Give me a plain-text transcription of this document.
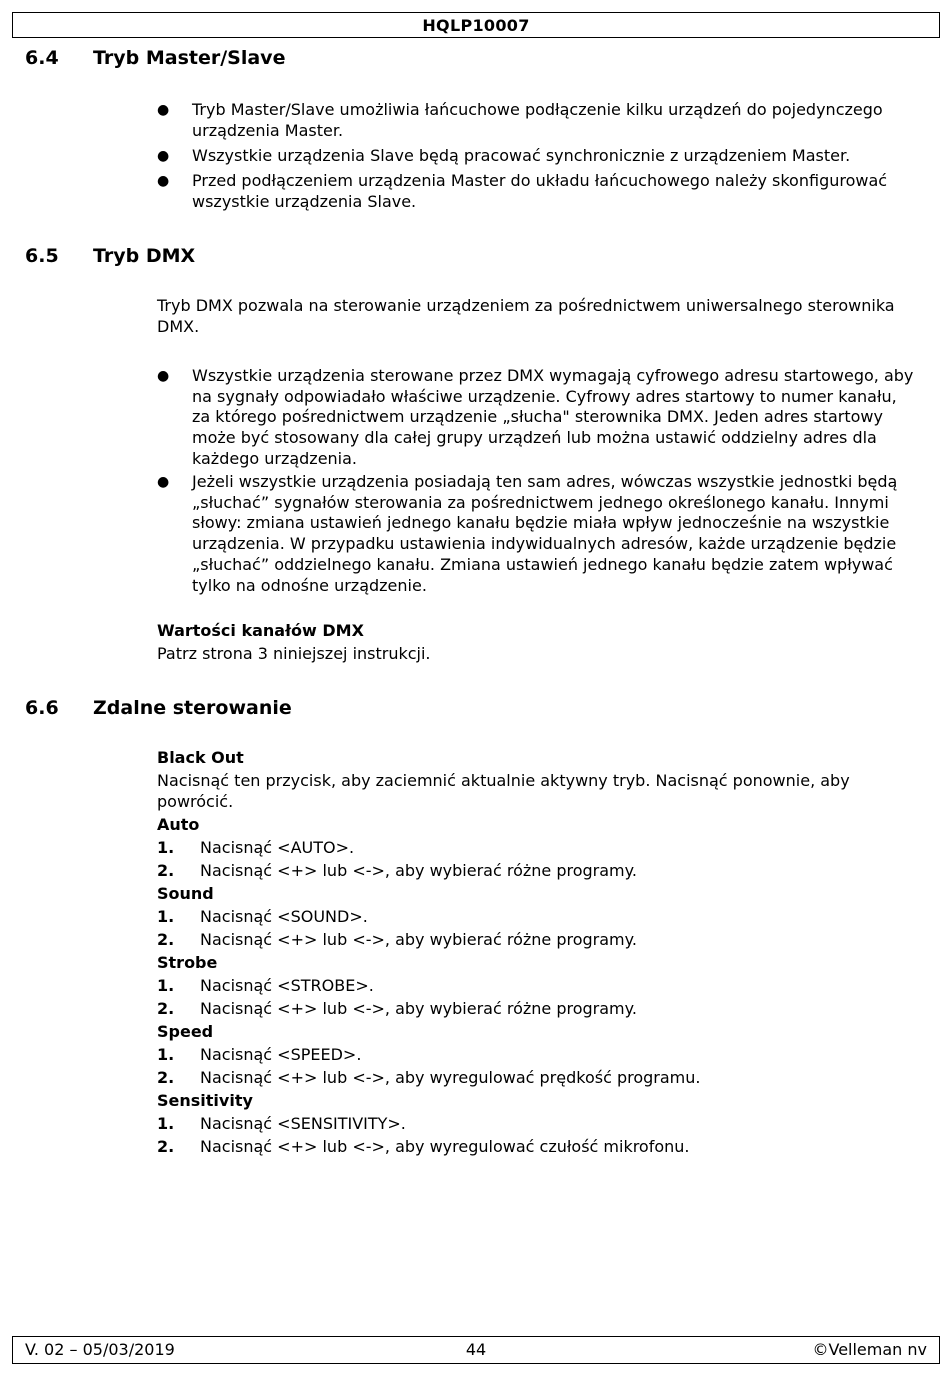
HQLP10007
6.4 Tryb Master/Slave
●	Tryb Master/Slave umożliwia łańcuchowe podłączenie kilku urządzeń do pojedynczego urządzenia Master.
●	Wszystkie urządzenia Slave będą pracować synchronicznie z urządzeniem Master.
●	Przed podłączeniem urządzenia Master do układu łańcuchowego należy skonfigurować wszystkie urządzenia Slave.
6.5 Tryb DMX
Tryb DMX pozwala na sterowanie urządzeniem za pośrednictwem uniwersalnego sterownika DMX.
●	Wszystkie urządzenia sterowane przez DMX wymagają cyfrowego adresu startowego, aby na sygnały odpowiadało właściwe urządzenie. Cyfrowy adres startowy to numer kanału, za którego pośrednictwem urządzenie „słucha" sterownika DMX. Jeden adres startowy może być stosowany dla całej grupy urządzeń lub można ustawić oddzielny adres dla każdego urządzenia.
●	Jeżeli wszystkie urządzenia posiadają ten sam adres, wówczas wszystkie jednostki będą „słuchać” sygnałów sterowania za pośrednictwem jednego określonego kanału. Innymi słowy: zmiana ustawień jednego kanału będzie miała wpływ jednocześnie na wszystkie urządzenia. W przypadku ustawienia indywidualnych adresów, każde urządzenie będzie „słuchać” oddzielnego kanału. Zmiana ustawień jednego kanału będzie zatem wpływać tylko na odnośne urządzenie.
Wartości kanałów DMX
Patrz strona 3 niniejszej instrukcji.
6.6 Zdalne sterowanie
Black Out
Nacisnąć ten przycisk, aby zaciemnić aktualnie aktywny tryb. Nacisnąć ponownie, aby powrócić.
Auto
1. Nacisnąć <AUTO>.
2. Nacisnąć <+> lub <->, aby wybierać różne programy.
Sound
1. Nacisnąć <SOUND>.
2. Nacisnąć <+> lub <->, aby wybierać różne programy.
Strobe
1. Nacisnąć <STROBE>.
2. Nacisnąć <+> lub <->, aby wybierać różne programy.
Speed
1. Nacisnąć <SPEED>.
2. Nacisnąć <+> lub <->, aby wyregulować prędkość programu.
Sensitivity
1. Nacisnąć <SENSITIVITY>.
2. Nacisnąć <+> lub <->, aby wyregulować czułość mikrofonu.
V. 02 – 05/03/2019	44	©Velleman nv
